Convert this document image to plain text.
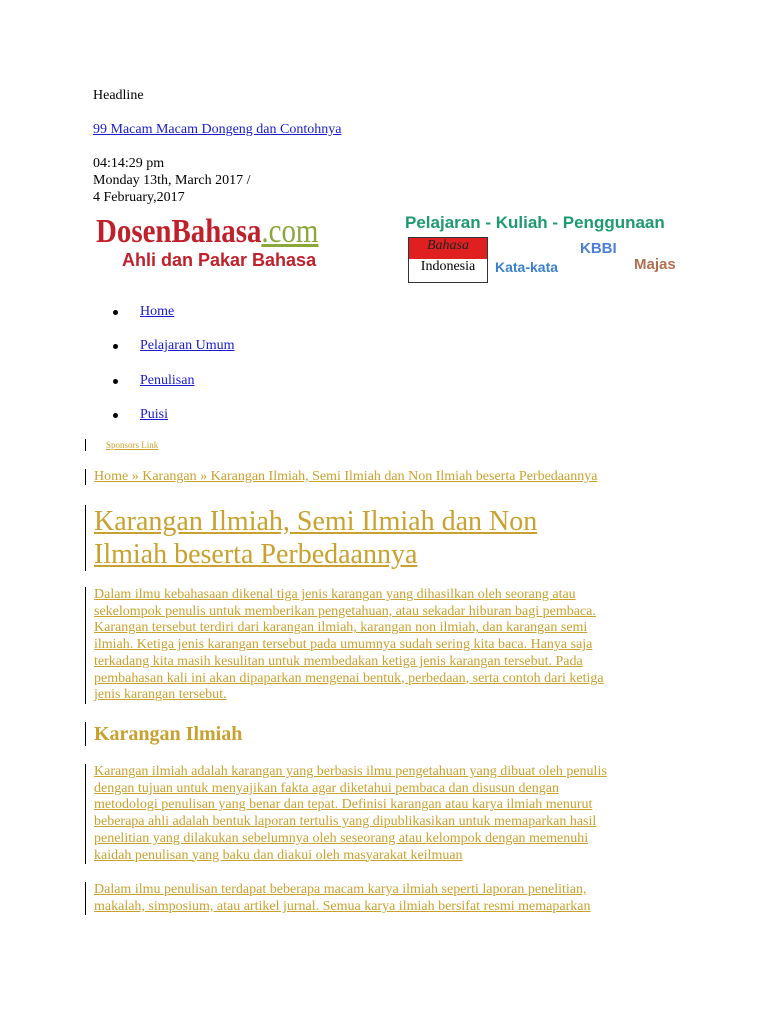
Headline
99 Macam Macam Dongeng dan Contohnya
04:14:29 pm
Monday 13th, March 2017 /
4 February,2017
DosenBahasa.com
Ahli dan Pakar Bahasa
Pelajaran - Kuliah - Penggunaan
Bahasa
Indonesia	Kata-kata
KBBI
Majas
Home
Pelajaran Umum
Penulisan
Puisi
Sponsors Link
Home » Karangan » Karangan Ilmiah, Semi Ilmiah dan Non Ilmiah beserta Perbedaannya
Karangan Ilmiah, Semi Ilmiah dan Non
Ilmiah beserta Perbedaannya
Dalam ilmu kebahasaan dikenal tiga jenis karangan yang dihasilkan oleh seorang atau
sekelompok penulis untuk memberikan pengetahuan, atau sekadar hiburan bagi pembaca.
Karangan tersebut terdiri dari karangan ilmiah, karangan non ilmiah, dan karangan semi
ilmiah. Ketiga jenis karangan tersebut pada umumnya sudah sering kita baca. Hanya saja
terkadang kita masih kesulitan untuk membedakan ketiga jenis karangan tersebut. Pada
pembahasan kali ini akan dipaparkan mengenai bentuk, perbedaan, serta contoh dari ketiga
jenis karangan tersebut.
Karangan Ilmiah
Karangan ilmiah adalah karangan yang berbasis ilmu pengetahuan yang dibuat oleh penulis
dengan tujuan untuk menyajikan fakta agar diketahui pembaca dan disusun dengan
metodologi penulisan yang benar dan tepat. Definisi karangan atau karya ilmiah menurut
beberapa ahli adalah bentuk laporan tertulis yang dipublikasikan untuk memaparkan hasil
penelitian yang dilakukan sebelumnya oleh seseorang atau kelompok dengan memenuhi
kaidah penulisan yang baku dan diakui oleh masyarakat keilmuan
Dalam ilmu penulisan terdapat beberapa macam karya ilmiah seperti laporan penelitian,
makalah, simposium, atau artikel jurnal. Semua karya ilmiah bersifat resmi memaparkan
